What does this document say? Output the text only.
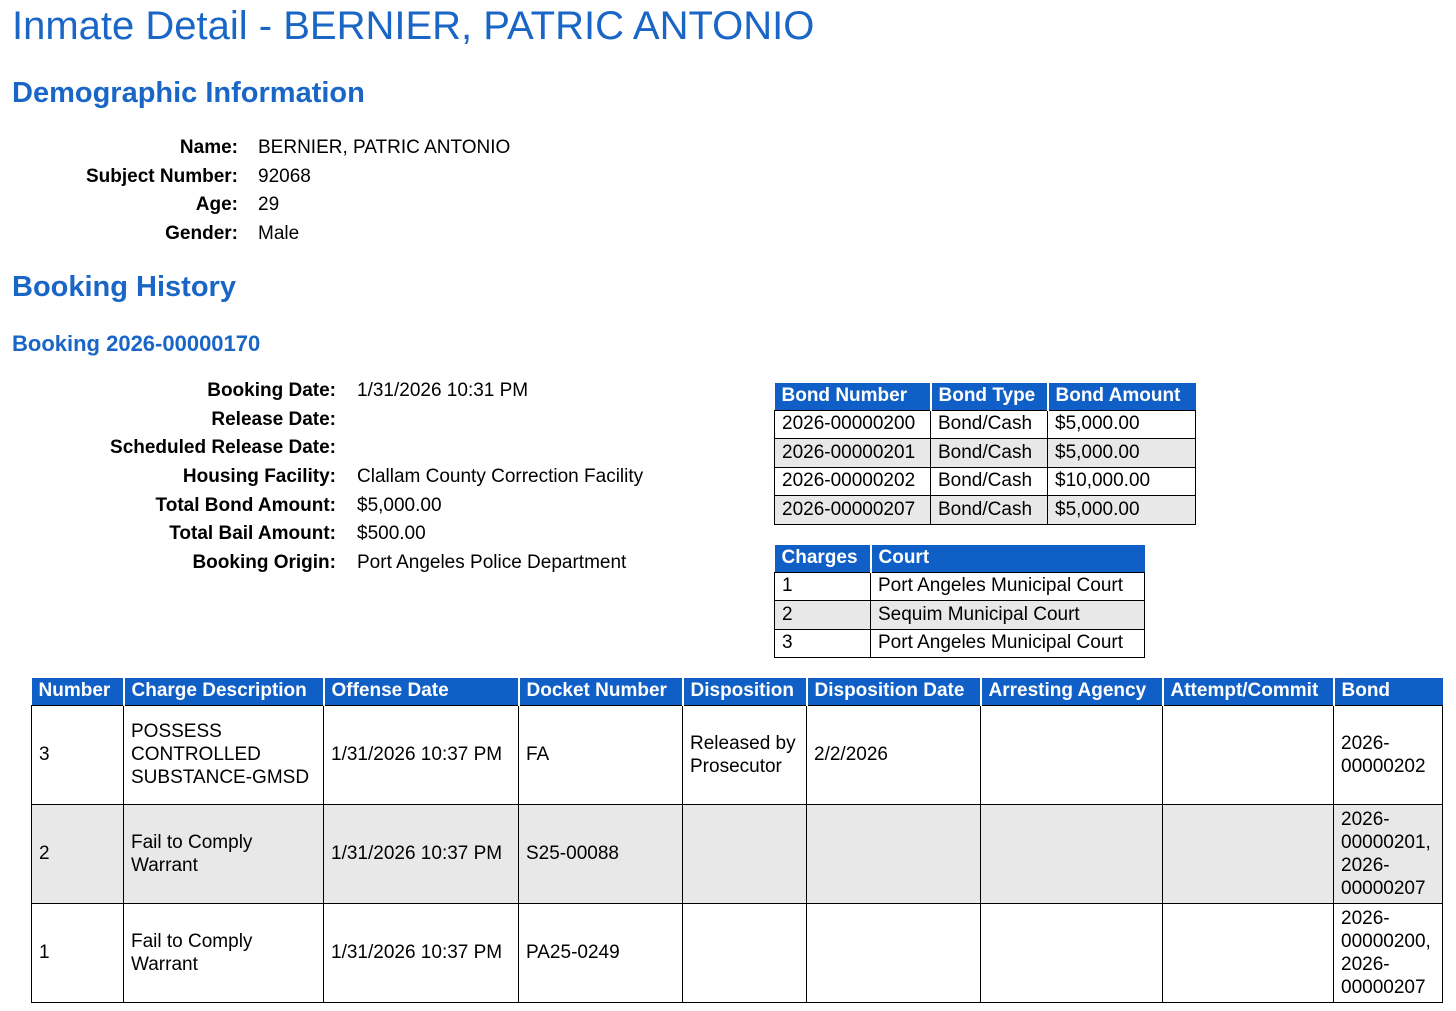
Inmate Detail - BERNIER, PATRIC ANTONIO
Demographic Information
Name: BERNIER, PATRIC ANTONIO
Subject Number: 92068
Age: 29
Gender: Male
Booking History
Booking 2026-00000170
Booking Date: 1/31/2026 10:31 PM
Release Date:
Scheduled Release Date:
Housing Facility: Clallam County Correction Facility
Total Bond Amount: $5,000.00
Total Bail Amount: $500.00
Booking Origin: Port Angeles Police Department
Bond Number	Bond Type	Bond Amount
2026-00000200	Bond/Cash	$5,000.00
2026-00000201	Bond/Cash	$5,000.00
2026-00000202	Bond/Cash	$10,000.00
2026-00000207	Bond/Cash	$5,000.00
Charges	Court
1	Port Angeles Municipal Court
2	Sequim Municipal Court
3	Port Angeles Municipal Court
Number	Charge Description	Offense Date	Docket Number	Disposition	Disposition Date	Arresting Agency	Attempt/Commit	Bond
3	POSSESS CONTROLLED SUBSTANCE-GMSD	1/31/2026 10:37 PM	FA	Released by Prosecutor	2/2/2026			2026-00000202
2	Fail to Comply Warrant	1/31/2026 10:37 PM	S25-00088					2026-00000201, 2026-00000207
1	Fail to Comply Warrant	1/31/2026 10:37 PM	PA25-0249					2026-00000200, 2026-00000207
